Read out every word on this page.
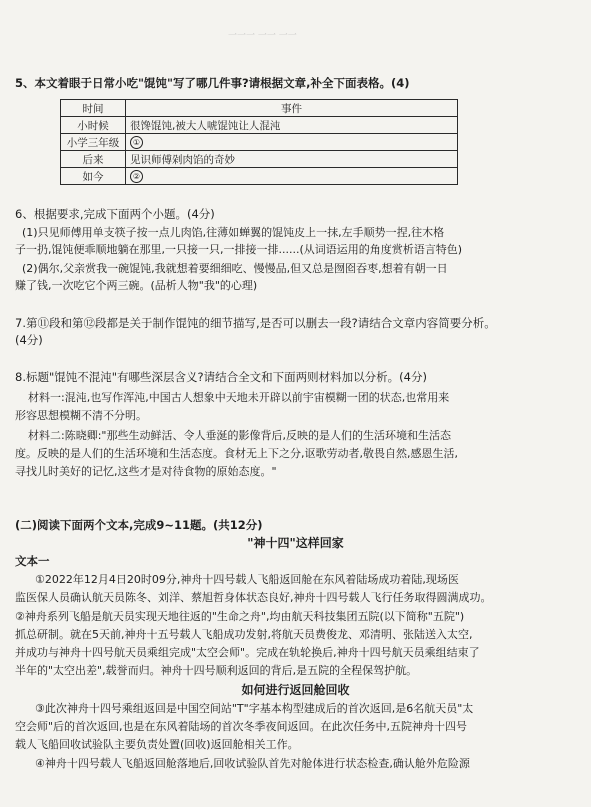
一一一 一一 一一
5、本文着眼于日常小吃"馄饨"写了哪几件事?请根据文章,补全下面表格。(4)
时间	事件
小时候	很馋馄饨,被大人唬馄饨让人混沌
小学三年级	①
后来	见识师傅剁肉馅的奇妙
如今	②
6、根据要求,完成下面两个小题。(4分)
(1)只见师傅用单支筷子按一点儿肉馅,往薄如蝉翼的馄饨皮上一抹,左手顺势一捏,往木格
子一扔,馄饨便乖顺地躺在那里,一只接一只,一排接一排......(从词语运用的角度赏析语言特色)
(2)偶尔,父亲赏我一碗馄饨,我就想着要细细吃、慢慢品,但又总是囫囵吞枣,想着有朝一日
赚了钱,一次吃它个两三碗。(品析人物"我"的心理)
7.第⑪段和第⑫段都是关于制作馄饨的细节描写,是否可以删去一段?请结合文章内容简要分析。
(4分)
8.标题"馄饨不混沌"有哪些深层含义?请结合全文和下面两则材料加以分析。(4分)
材料一:混沌,也写作浑沌,中国古人想象中天地未开辟以前宇宙模糊一团的状态,也常用来
形容思想模糊不清不分明。
材料二:陈晓卿:"那些生动鲜活、令人垂涎的影像背后,反映的是人们的生活环境和生活态
度。反映的是人们的生活环境和生活态度。食材无上下之分,讴歌劳动者,敬畏自然,感恩生活,
寻找儿时美好的记忆,这些才是对待食物的原始态度。"
(二)阅读下面两个文本,完成9~11题。(共12分)
"神十四"这样回家
文本一
①2022年12月4日20时09分,神舟十四号载人飞船返回舱在东风着陆场成功着陆,现场医
监医保人员确认航天员陈冬、刘洋、蔡旭哲身体状态良好,神舟十四号载人飞行任务取得圆满成功。
②神舟系列飞船是航天员实现天地往返的"生命之舟",均由航天科技集团五院(以下简称"五院")
抓总研制。就在5天前,神舟十五号载人飞船成功发射,将航天员费俊龙、邓清明、张陆送入太空,
并成功与神舟十四号航天员乘组完成"太空会师"。完成在轨轮换后,神舟十四号航天员乘组结束了
半年的"太空出差",载誉而归。神舟十四号顺利返回的背后,是五院的全程保驾护航。
如何进行返回舱回收
③此次神舟十四号乘组返回是中国空间站"T"字基本构型建成后的首次返回,是6名航天员"太
空会师"后的首次返回,也是在东风着陆场的首次冬季夜间返回。在此次任务中,五院神舟十四号
载人飞船回收试验队主要负责处置(回收)返回舱相关工作。
④神舟十四号载人飞船返回舱落地后,回收试验队首先对舱体进行状态检查,确认舱外危险源
